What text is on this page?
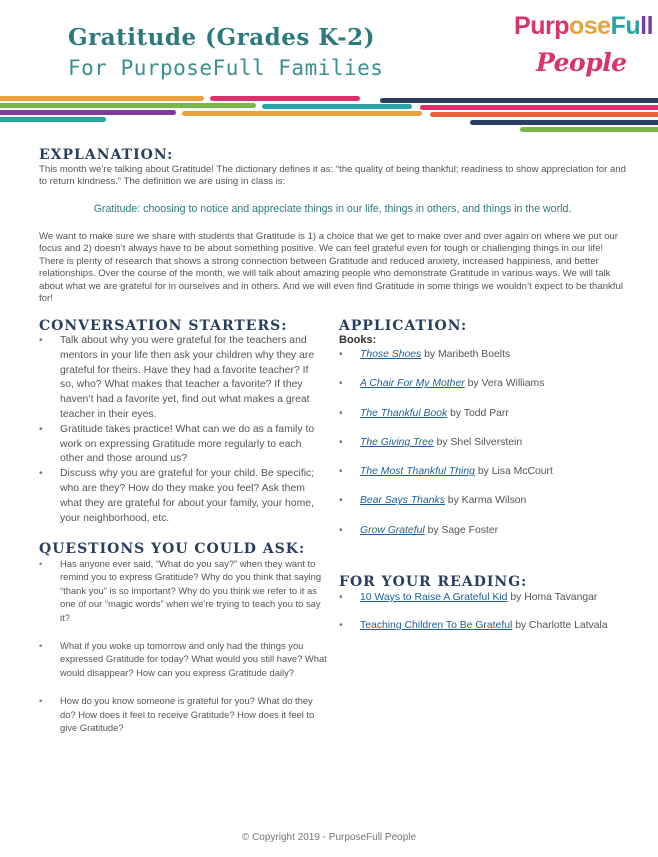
Gratitude (Grades K-2)
For PurposeFull Families
PurposeFull
People
EXPLANATION:
This month we’re talking about Gratitude! The dictionary defines it as: “the quality of being thankful; readiness to show appreciation for and to return kindness.” The definition we are using in class is:
Gratitude: choosing to notice and appreciate things in our life, things in others, and things in the world.
We want to make sure we share with students that Gratitude is 1) a choice that we get to make over and over again on where we put our focus and 2) doesn’t always have to be about something positive. We can feel grateful even for tough or challenging things in our life! There is plenty of research that shows a strong connection between Gratitude and reduced anxiety, increased happiness, and better relationships. Over the course of the month, we will talk about amazing people who demonstrate Gratitude in various ways. We will talk about what we are grateful for in ourselves and in others. And we will even find Gratitude in some things we wouldn’t expect to be thankful for!
CONVERSATION STARTERS:
• Talk about why you were grateful for the teachers and mentors in your life then ask your children why they are grateful for theirs. Have they had a favorite teacher? If so, who? What makes that teacher a favorite? If they haven’t had a favorite yet, find out what makes a great teacher in their eyes.
• Gratitude takes practice! What can we do as a family to work on expressing Gratitude more regularly to each other and those around us?
• Discuss why you are grateful for your child. Be specific; who are they? How do they make you feel? Ask them what they are grateful for about your family, your home, your neighborhood, etc.
QUESTIONS YOU COULD ASK:
• Has anyone ever said, “What do you say?” when they want to remind you to express Gratitude? Why do you think that saying “thank you” is so important? Why do you think we refer to it as one of our “magic words” when we’re trying to teach you to say it?
• What if you woke up tomorrow and only had the things you expressed Gratitude for today? What would you still have? What would disappear? How can you express Gratitude daily?
• How do you know someone is grateful for you? What do they do? How does it feel to receive Gratitude? How does it feel to give Gratitude?
APPLICATION:
Books:
• Those Shoes by Maribeth Boelts
• A Chair For My Mother by Vera Williams
• The Thankful Book by Todd Parr
• The Giving Tree by Shel Silverstein
• The Most Thankful Thing by Lisa McCourt
• Bear Says Thanks by Karma Wilson
• Grow Grateful by Sage Foster
FOR YOUR READING:
• 10 Ways to Raise A Grateful Kid by Homa Tavangar
• Teaching Children To Be Grateful by Charlotte Latvala
© Copyright 2019 - PurposeFull People
